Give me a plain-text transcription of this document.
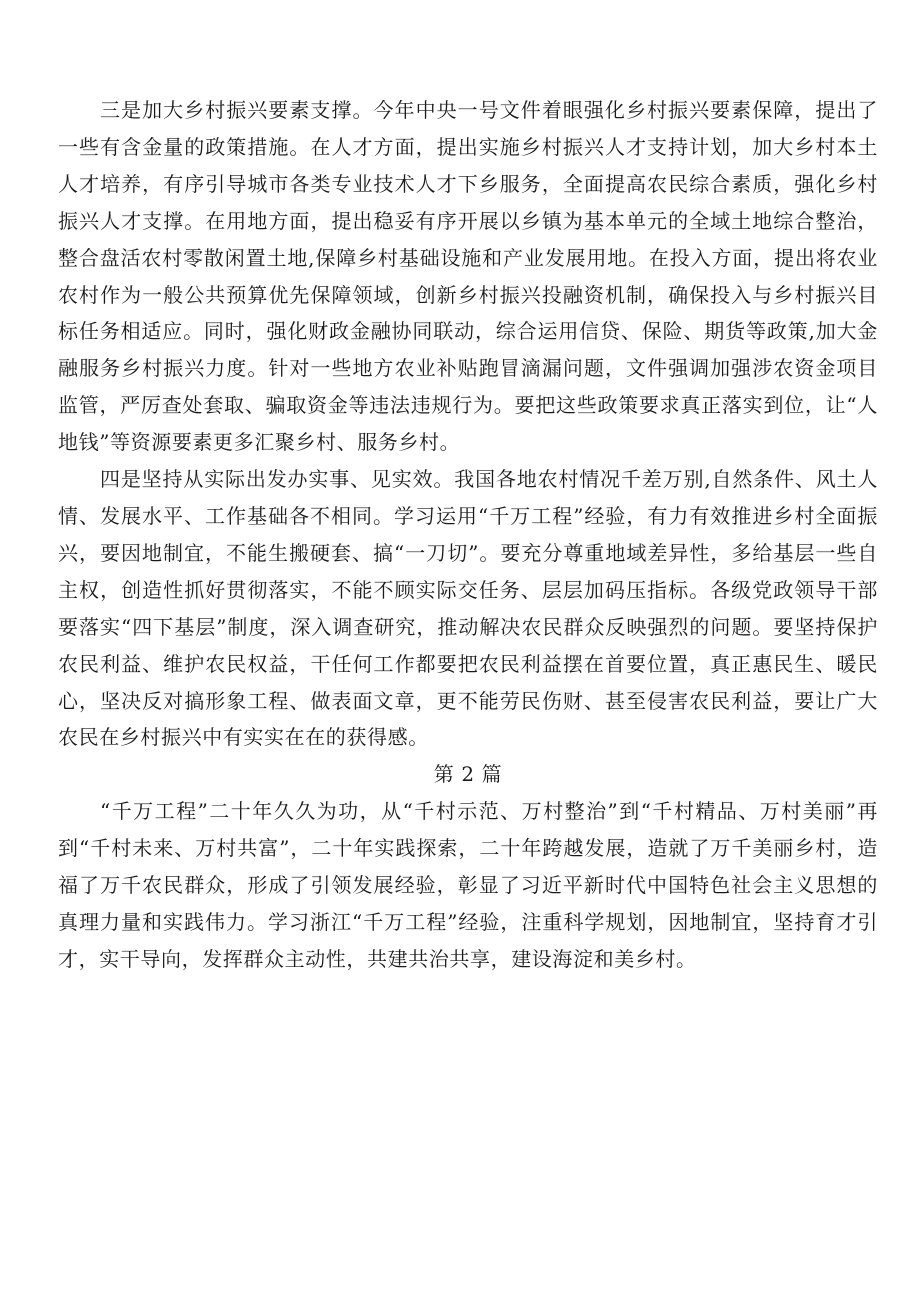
三是加大乡村振兴要素支撑。今年中央一号文件着眼强化乡村振兴要素保障，提出了一些有含金量的政策措施。在人才方面，提出实施乡村振兴人才支持计划，加大乡村本土人才培养，有序引导城市各类专业技术人才下乡服务，全面提高农民综合素质，强化乡村振兴人才支撑。在用地方面，提出稳妥有序开展以乡镇为基本单元的全域土地综合整治，整合盘活农村零散闲置土地,保障乡村基础设施和产业发展用地。在投入方面，提出将农业农村作为一般公共预算优先保障领域，创新乡村振兴投融资机制，确保投入与乡村振兴目标任务相适应。同时，强化财政金融协同联动，综合运用信贷、保险、期货等政策,加大金融服务乡村振兴力度。针对一些地方农业补贴跑冒滴漏问题，文件强调加强涉农资金项目监管，严厉查处套取、骗取资金等违法违规行为。要把这些政策要求真正落实到位，让“人地钱”等资源要素更多汇聚乡村、服务乡村。

四是坚持从实际出发办实事、见实效。我国各地农村情况千差万别,自然条件、风土人情、发展水平、工作基础各不相同。学习运用“千万工程”经验，有力有效推进乡村全面振兴，要因地制宜，不能生搬硬套、搞“一刀切”。要充分尊重地域差异性，多给基层一些自主权，创造性抓好贯彻落实，不能不顾实际交任务、层层加码压指标。各级党政领导干部要落实“四下基层”制度，深入调查研究，推动解决农民群众反映强烈的问题。要坚持保护农民利益、维护农民权益，干任何工作都要把农民利益摆在首要位置，真正惠民生、暖民心，坚决反对搞形象工程、做表面文章，更不能劳民伤财、甚至侵害农民利益，要让广大农民在乡村振兴中有实实在在的获得感。

第 2 篇

“千万工程”二十年久久为功，从“千村示范、万村整治”到“千村精品、万村美丽”再到“千村未来、万村共富”，二十年实践探索，二十年跨越发展，造就了万千美丽乡村，造福了万千农民群众，形成了引领发展经验，彰显了习近平新时代中国特色社会主义思想的真理力量和实践伟力。学习浙江“千万工程”经验，注重科学规划，因地制宜，坚持育才引才，实干导向，发挥群众主动性，共建共治共享，建设海淀和美乡村。
